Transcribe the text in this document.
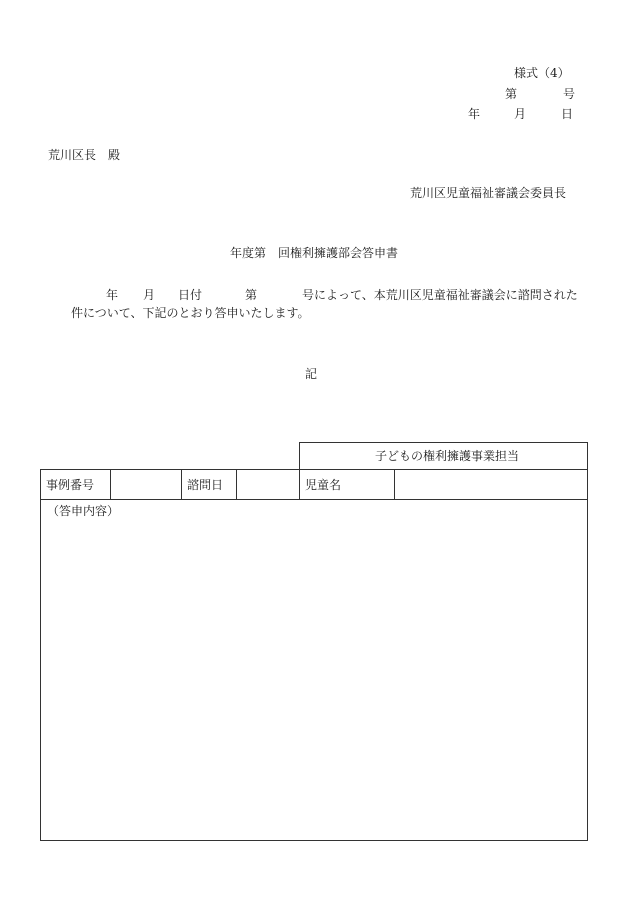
様式（4）
第	号
年	月	日
荒川区長　殿
荒川区児童福祉審議会委員長
年度第　回権利擁護部会答申書
年 月 日付	第	号によって、本荒川区児童福祉審議会に諮問された
件について、下記のとおり答申いたします。
記
子どもの権利擁護事業担当
事例番号	諮問日	児童名
（答申内容）
